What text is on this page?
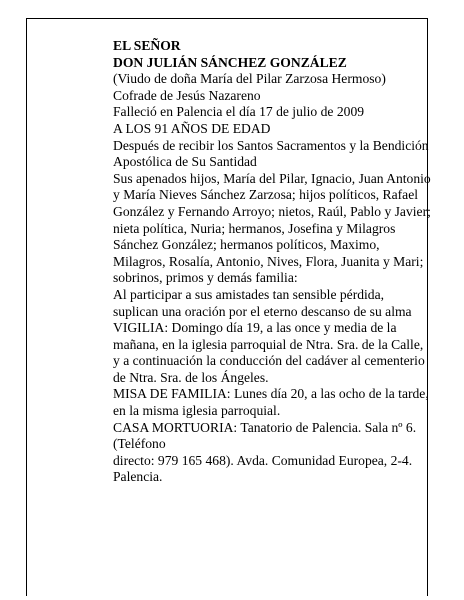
EL SEÑOR

DON JULIÁN SÁNCHEZ GONZÁLEZ

(Viudo de doña María del Pilar Zarzosa Hermoso)

Cofrade de Jesús Nazareno

Falleció en Palencia el día 17 de julio de 2009

A LOS 91 AÑOS DE EDAD

Después de recibir los Santos Sacramentos y la Bendición Apostólica de Su Santidad

Sus apenados hijos, María del Pilar, Ignacio, Juan Antonio y María Nieves Sánchez Zarzosa; hijos políticos, Rafael González y Fernando Arroyo; nietos, Raúl, Pablo y Javier; nieta política, Nuria; hermanos, Josefina y Milagros Sánchez González; hermanos políticos, Maximo, Milagros, Rosalía, Antonio, Nives, Flora, Juanita y Mari; sobrinos, primos y demás familia:

Al participar a sus amistades tan sensible pérdida, suplican una oración por el eterno descanso de su alma

VIGILIA: Domingo día 19, a las once y media de la mañana, en la iglesia parroquial de Ntra. Sra. de la Calle, y a continuación la conducción del cadáver al cementerio de Ntra. Sra. de los Ángeles.

MISA DE FAMILIA: Lunes día 20, a las ocho de la tarde, en la misma iglesia parroquial.

CASA MORTUORIA: Tanatorio de Palencia. Sala nº 6. (Teléfono

directo: 979 165 468). Avda. Comunidad Europea, 2-4. Palencia.
